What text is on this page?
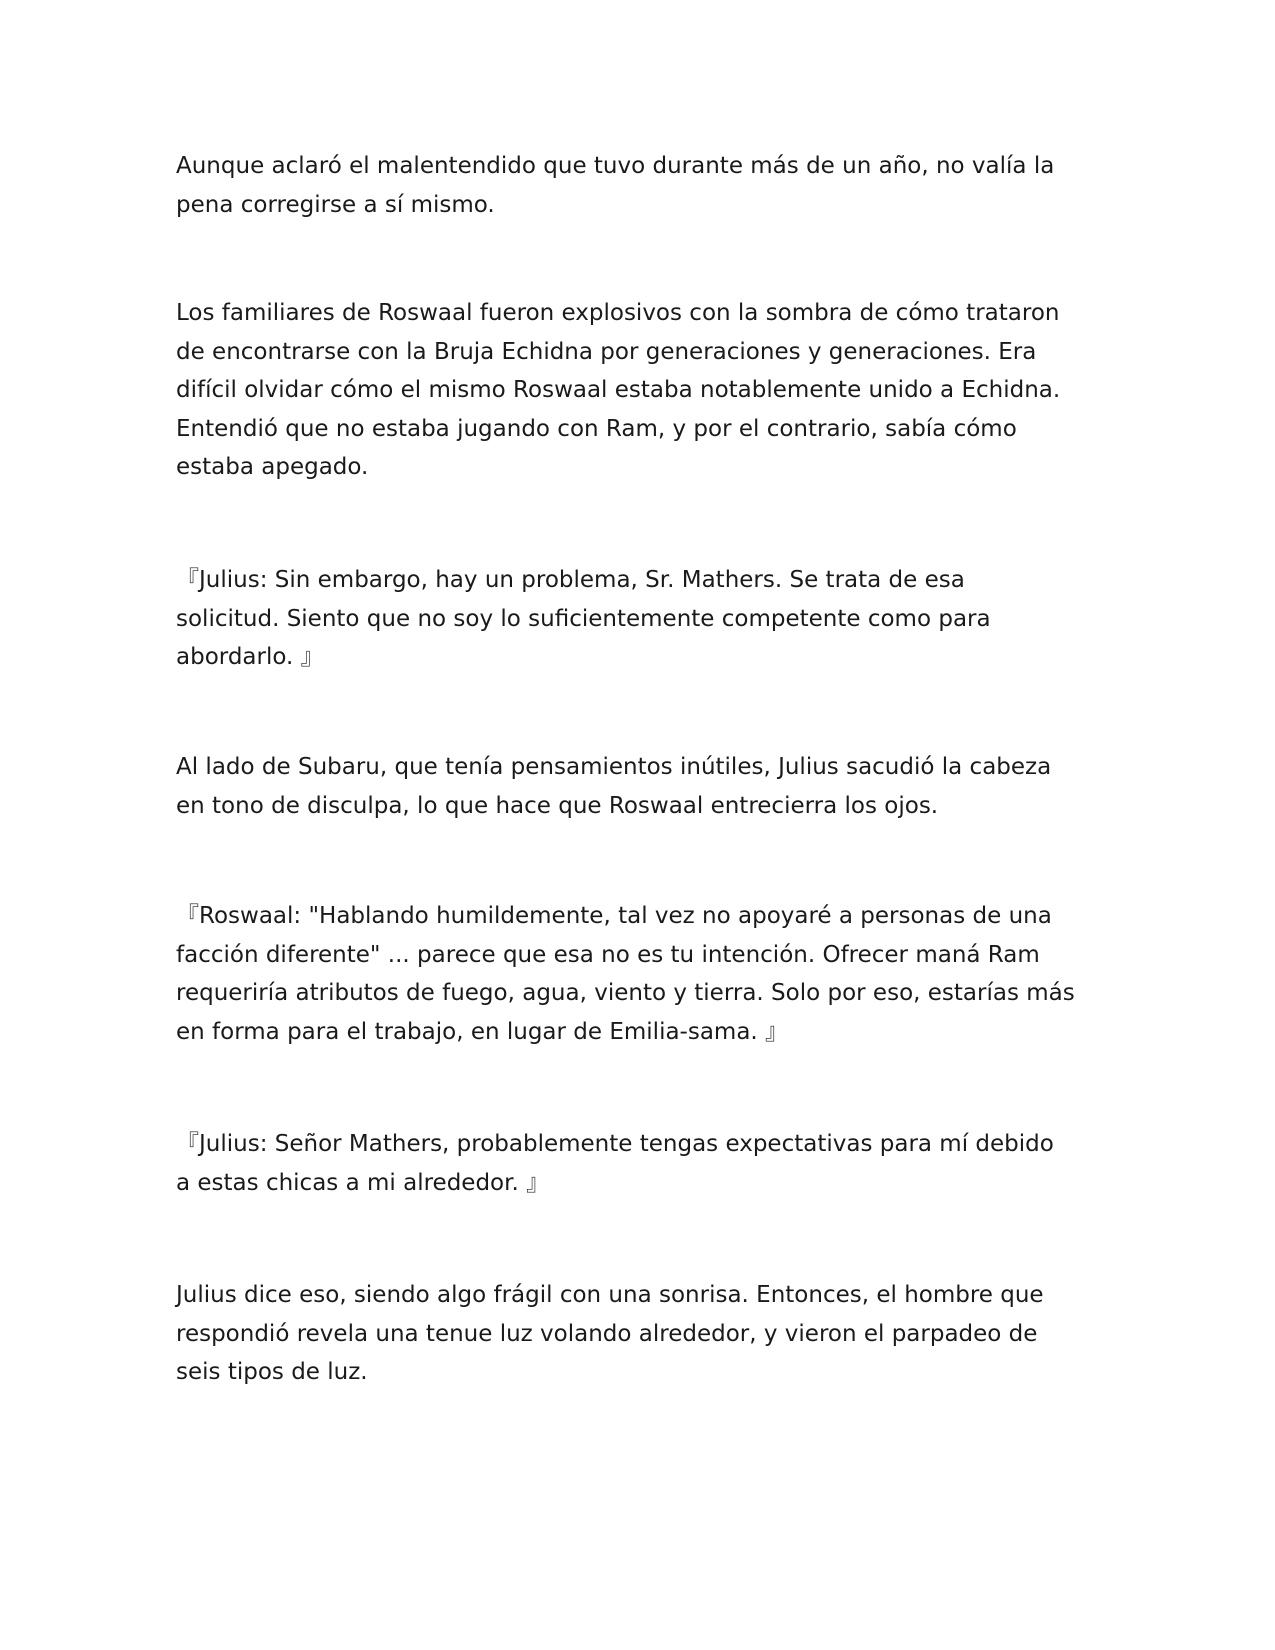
Aunque aclaró el malentendido que tuvo durante más de un año, no valía la
pena corregirse a sí mismo.

Los familiares de Roswaal fueron explosivos con la sombra de cómo trataron
de encontrarse con la Bruja Echidna por generaciones y generaciones. Era
difícil olvidar cómo el mismo Roswaal estaba notablemente unido a Echidna.
Entendió que no estaba jugando con Ram, y por el contrario, sabía cómo
estaba apegado.

『Julius: Sin embargo, hay un problema, Sr. Mathers. Se trata de esa
solicitud. Siento que no soy lo suficientemente competente como para
abordarlo. 』

Al lado de Subaru, que tenía pensamientos inútiles, Julius sacudió la cabeza
en tono de disculpa, lo que hace que Roswaal entrecierra los ojos.

『Roswaal: "Hablando humildemente, tal vez no apoyaré a personas de una
facción diferente" ... parece que esa no es tu intención. Ofrecer maná Ram
requeriría atributos de fuego, agua, viento y tierra. Solo por eso, estarías más
en forma para el trabajo, en lugar de Emilia-sama. 』

『Julius: Señor Mathers, probablemente tengas expectativas para mí debido
a estas chicas a mi alrededor. 』

Julius dice eso, siendo algo frágil con una sonrisa. Entonces, el hombre que
respondió revela una tenue luz volando alrededor, y vieron el parpadeo de
seis tipos de luz.
